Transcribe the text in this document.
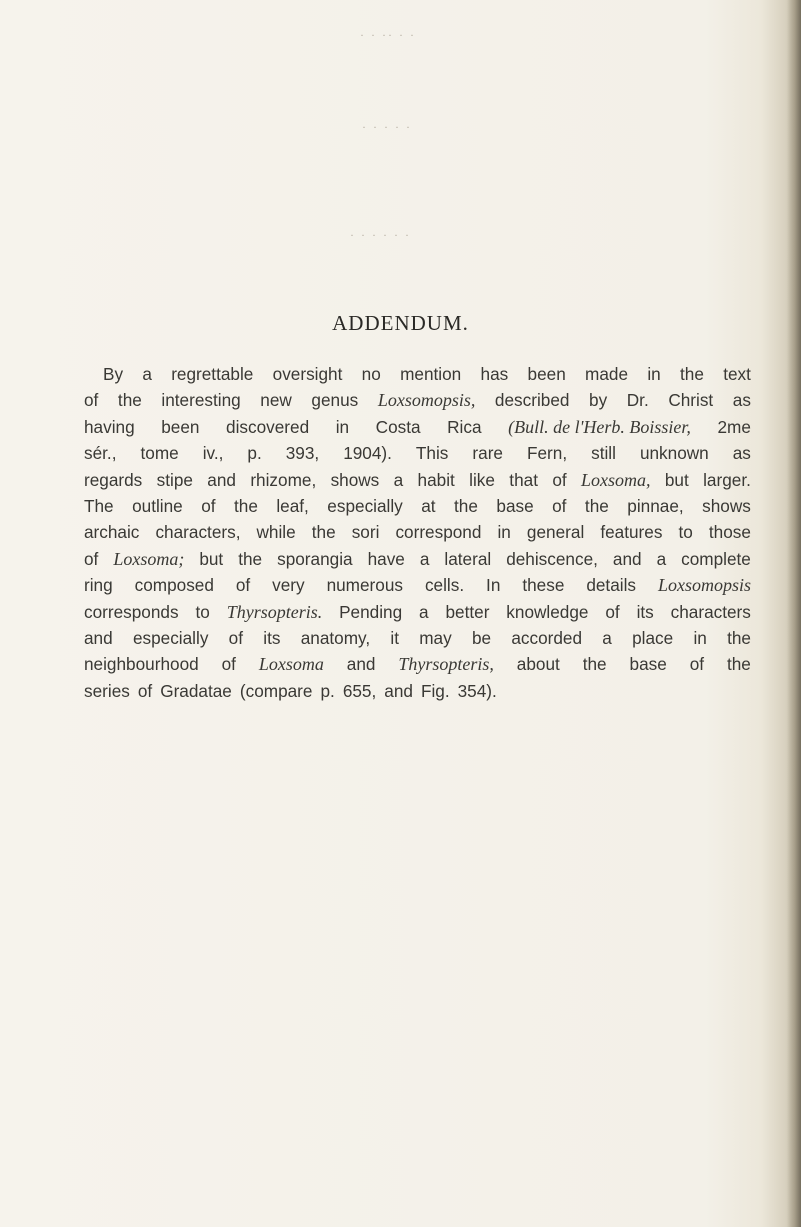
· · ·· · ·
· · · · ·
· · · · · ·
ADDENDUM.
By a regrettable oversight no mention has been made in the text
of the interesting new genus Loxsomopsis, described by Dr. Christ as
having been discovered in Costa Rica (Bull. de l'Herb. Boissier, 2me
sér., tome iv., p. 393, 1904). This rare Fern, still unknown as
regards stipe and rhizome, shows a habit like that of Loxsoma, but larger.
The outline of the leaf, especially at the base of the pinnae, shows
archaic characters, while the sori correspond in general features to those
of Loxsoma; but the sporangia have a lateral dehiscence, and a complete
ring composed of very numerous cells. In these details Loxsomopsis
corresponds to Thyrsopteris. Pending a better knowledge of its characters
and especially of its anatomy, it may be accorded a place in the
neighbourhood of Loxsoma and Thyrsopteris, about the base of the
series of Gradatae (compare p. 655, and Fig. 354).
